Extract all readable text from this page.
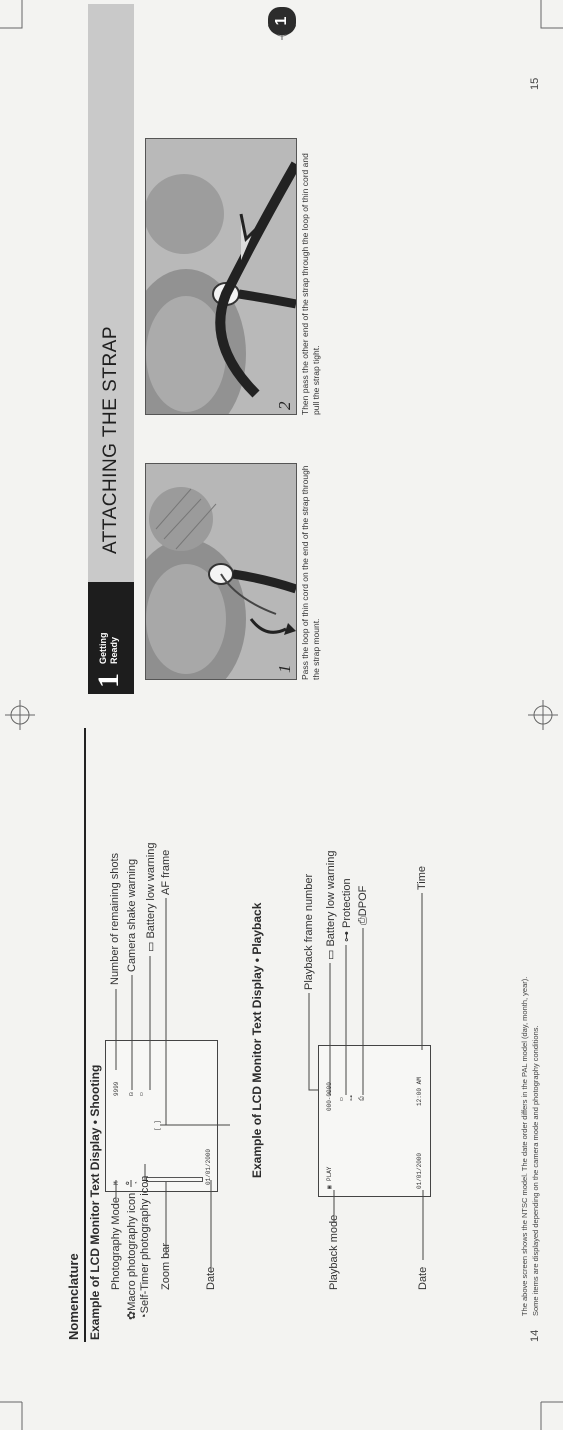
Nomenclature Example of LCD Monitor Text Display • Shooting 9999
M ✿ ◔
☊ ▭
[ ]
01/01/2000
Photography Mode
✿Macro photography icon
◔Self-Timer photography icon Zoom bar	Date
Number of remaining shots Camera shake warning ▭ Battery low warning AF frame
Example of LCD Monitor Text Display • Playback
▣
PLAY
000-0000 ▭ ⊶ ⎙
01/01/2000
12:00 AM
Playback mode	Date
Playback frame number ▭ Battery low warning ⊶ Protection ⎙DPOF
Time
The above screen shows the NTSC model. The date order differs in the PAL model (day, month, year). Some items are displayed depending on the camera mode and photography conditions.
14
1
Getting Ready
ATTACHING THE STRAP
1 Pass the loop of thin cord on the end of the strap through the strap mount.
2 Then pass the other end of the strap through the loop of thin cord and pull the strap tight.
15
1
